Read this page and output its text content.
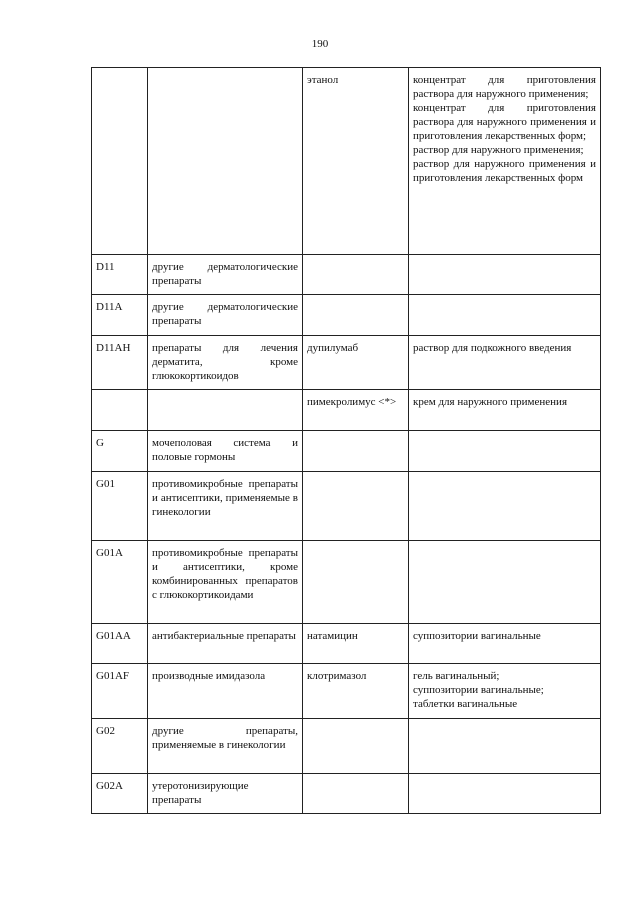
190
		этанол	концентрат для приготовления раствора для наружного применения;
концентрат для приготовления раствора для наружного применения и приготовления лекарственных форм;
раствор для наружного применения;
раствор для наружного применения и приготовления лекарственных форм

D11	другие дерматологические препараты		
D11A	другие дерматологические препараты		
D11AH	препараты для лечения дерматита, кроме глюкокортикоидов	дупилумаб	раствор для подкожного введения

		пимекролимус <*>	крем для наружного применения

G	мочеполовая система и половые гормоны		
G01	противомикробные препараты и антисептики, применяемые в гинекологии		
G01A	противомикробные препараты и антисептики, кроме комбинированных препаратов с глюкокортикоидами		
G01AA	антибактериальные препараты	натамицин	суппозитории вагинальные

G01AF	производные имидазола	клотримазол	гель вагинальный;
суппозитории вагинальные;
таблетки вагинальные

G02	другие препараты, применяемые в гинекологии		
G02A	утеротонизирующие препараты		
